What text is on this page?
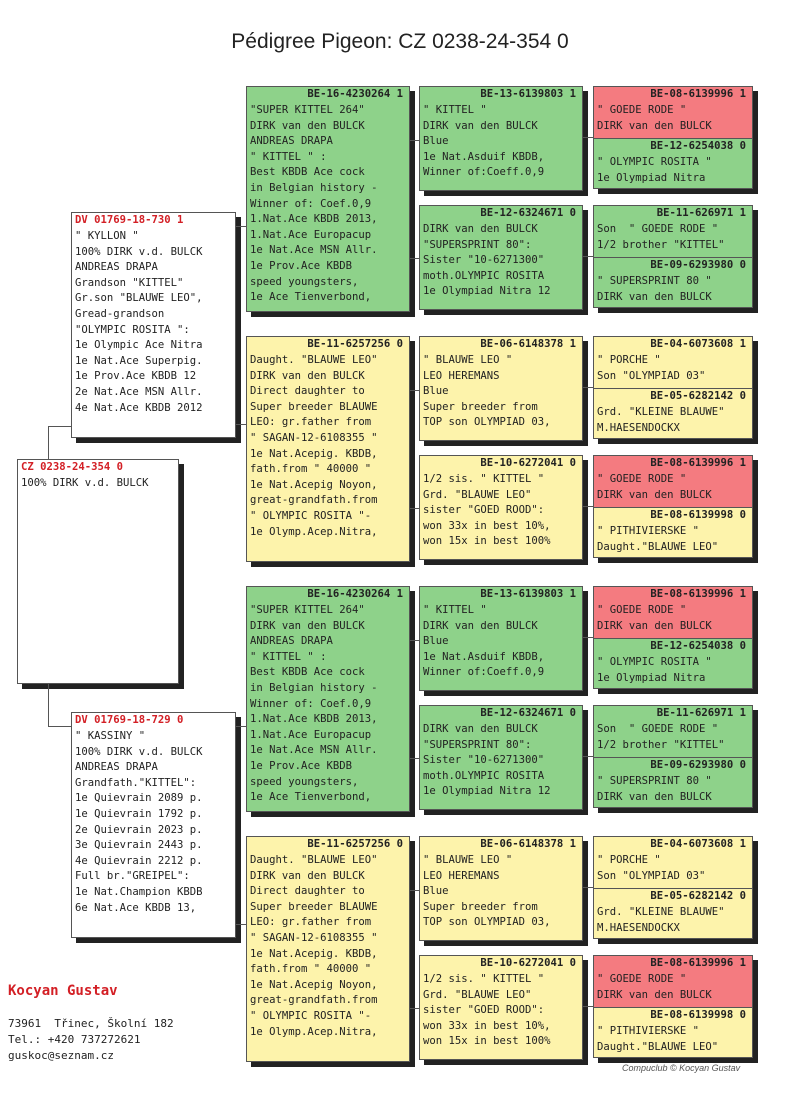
Pédigree Pigeon: CZ 0238-24-354 0
CZ 0238-24-354 0
100% DIRK v.d. BULCK
DV 01769-18-730 1
" KYLLON "
100% DIRK v.d. BULCK
ANDREAS DRAPA
Grandson "KITTEL"
Gr.son "BLAUWE LEO",
Gread-grandson
"OLYMPIC ROSITA ":
1e Olympic Ace Nitra
1e Nat.Ace Superpig.
1e Prov.Ace KBDB 12
2e Nat.Ace MSN Allr.
4e Nat.Ace KBDB 2012
DV 01769-18-729 0
" KASSINY "
100% DIRK v.d. BULCK
ANDREAS DRAPA
Grandfath."KITTEL":
1e Quievrain 2089 p.
1e Quievrain 1792 p.
2e Quievrain 2023 p.
3e Quievrain 2443 p.
4e Quievrain 2212 p.
Full br."GREIPEL":
1e Nat.Champion KBDB
6e Nat.Ace KBDB 13,
BE-16-4230264 1
"SUPER KITTEL 264"
DIRK van den BULCK
ANDREAS DRAPA
" KITTEL " :
Best KBDB Ace cock
in Belgian history -
Winner of: Coef.0,9
1.Nat.Ace KBDB 2013,
1.Nat.Ace Europacup
1e Nat.Ace MSN Allr.
1e Prov.Ace KBDB
speed youngsters,
1e Ace Tienverbond,
BE-11-6257256 0
Daught. "BLAUWE LEO"
DIRK van den BULCK
Direct daughter to
Super breeder BLAUWE
LEO: gr.father from
" SAGAN-12-6108355 "
1e Nat.Acepig. KBDB,
fath.from " 40000 "
1e Nat.Acepig Noyon,
great-grandfath.from
" OLYMPIC ROSITA "-
1e Olymp.Acep.Nitra,
BE-13-6139803 1
" KITTEL "
DIRK van den BULCK
Blue
1e Nat.Asduif KBDB,
Winner of:Coeff.0,9
BE-12-6324671 0
DIRK van den BULCK
"SUPERSPRINT 80":
Sister "10-6271300"
moth.OLYMPIC ROSITA
1e Olympiad Nitra 12
BE-06-6148378 1
" BLAUWE LEO "
LEO HEREMANS
Blue
Super breeder from
TOP son OLYMPIAD 03,
BE-10-6272041 0
1/2 sis. " KITTEL "
Grd. "BLAUWE LEO"
sister "GOED ROOD":
won 33x in best 10%,
won 15x in best 100%
BE-08-6139996 1
" GOEDE RODE "
DIRK van den BULCK
BE-12-6254038 0
" OLYMPIC ROSITA "
1e Olympiad Nitra
BE-11-626971 1
Son  " GOEDE RODE "
1/2 brother "KITTEL"
BE-09-6293980 0
" SUPERSPRINT 80 "
DIRK van den BULCK
BE-04-6073608 1
" PORCHE "
Son "OLYMPIAD 03"
BE-05-6282142 0
Grd. "KLEINE BLAUWE"
M.HAESENDOCKX
BE-08-6139996 1
" GOEDE RODE "
DIRK van den BULCK
BE-08-6139998 0
" PITHIVIERSKE "
Daught."BLAUWE LEO"
BE-16-4230264 1
"SUPER KITTEL 264"
DIRK van den BULCK
ANDREAS DRAPA
" KITTEL " :
Best KBDB Ace cock
in Belgian history -
Winner of: Coef.0,9
1.Nat.Ace KBDB 2013,
1.Nat.Ace Europacup
1e Nat.Ace MSN Allr.
1e Prov.Ace KBDB
speed youngsters,
1e Ace Tienverbond,
BE-11-6257256 0
Daught. "BLAUWE LEO"
DIRK van den BULCK
Direct daughter to
Super breeder BLAUWE
LEO: gr.father from
" SAGAN-12-6108355 "
1e Nat.Acepig. KBDB,
fath.from " 40000 "
1e Nat.Acepig Noyon,
great-grandfath.from
" OLYMPIC ROSITA "-
1e Olymp.Acep.Nitra,
BE-13-6139803 1
" KITTEL "
DIRK van den BULCK
Blue
1e Nat.Asduif KBDB,
Winner of:Coeff.0,9
BE-12-6324671 0
DIRK van den BULCK
"SUPERSPRINT 80":
Sister "10-6271300"
moth.OLYMPIC ROSITA
1e Olympiad Nitra 12
BE-06-6148378 1
" BLAUWE LEO "
LEO HEREMANS
Blue
Super breeder from
TOP son OLYMPIAD 03,
BE-10-6272041 0
1/2 sis. " KITTEL "
Grd. "BLAUWE LEO"
sister "GOED ROOD":
won 33x in best 10%,
won 15x in best 100%
BE-08-6139996 1
" GOEDE RODE "
DIRK van den BULCK
BE-12-6254038 0
" OLYMPIC ROSITA "
1e Olympiad Nitra
BE-11-626971 1
Son  " GOEDE RODE "
1/2 brother "KITTEL"
BE-09-6293980 0
" SUPERSPRINT 80 "
DIRK van den BULCK
BE-04-6073608 1
" PORCHE "
Son "OLYMPIAD 03"
BE-05-6282142 0
Grd. "KLEINE BLAUWE"
M.HAESENDOCKX
BE-08-6139996 1
" GOEDE RODE "
DIRK van den BULCK
BE-08-6139998 0
" PITHIVIERSKE "
Daught."BLAUWE LEO"
Kocyan Gustav
73961  Třinec, Školní 182
Tel.: +420 737272621
guskoc@seznam.cz
Compuclub © Kocyan Gustav
